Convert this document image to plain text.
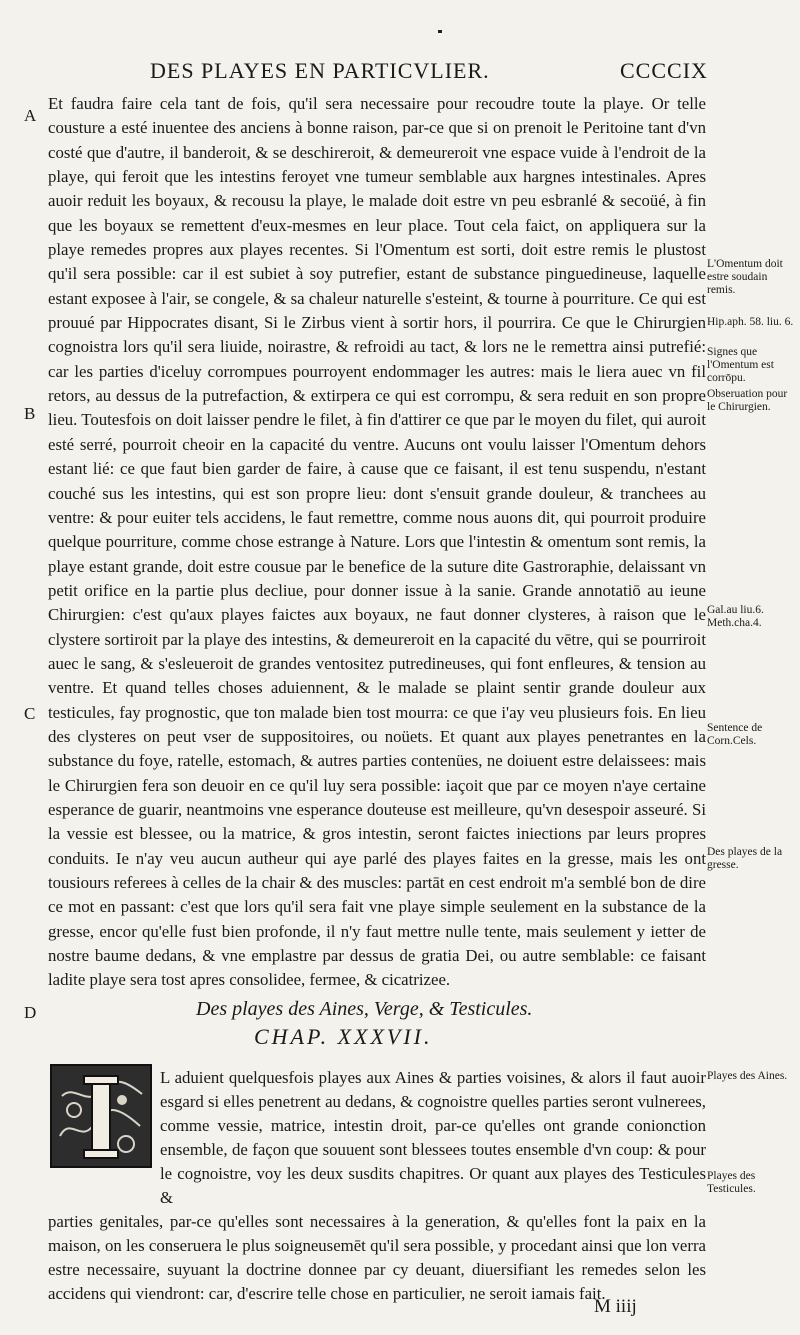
DES PLAYES EN PARTICVLIER.	CCCCIX
A
B
C
D

Et faudra faire cela tant de fois, qu'il sera necessaire pour recoudre toute la playe. Or telle cousture a esté inuentee des anciens à bonne raison, par-ce que si on prenoit le Peritoine tant d'vn costé que d'autre, il banderoit, & se deschireroit, & demeureroit vne espace vuide à l'endroit de la playe, qui feroit que les intestins feroyet vne tumeur semblable aux hargnes intestinales. Apres auoir reduit les boyaux, & recousu la playe, le malade doit estre vn peu esbranlé & secoüé, à fin que les boyaux se remettent d'eux-mesmes en leur place. Tout cela faict, on appliquera sur la playe remedes propres aux playes recentes. Si l'Omentum est sorti, doit estre remis le plustost qu'il sera possible: car il est subiet à soy putrefier, estant de substance pinguedineuse, laquelle estant exposee à l'air, se congele, & sa chaleur naturelle s'esteint, & tourne à pourriture. Ce qui est prouué par Hippocrates disant, Si le Zirbus vient à sortir hors, il pourrira. Ce que le Chirurgien cognoistra lors qu'il sera liuide, noirastre, & refroidi au tact, & lors ne le remettra ainsi putrefié: car les parties d'iceluy corrompues pourroyent endommager les autres: mais le liera auec vn fil retors, au dessus de la putrefaction, & extirpera ce qui est corrompu, & sera reduit en son propre lieu. Toutesfois on doit laisser pendre le filet, à fin d'attirer ce que par le moyen du filet, qui auroit esté serré, pourroit cheoir en la capacité du ventre. Aucuns ont voulu laisser l'Omentum dehors estant lié: ce que faut bien garder de faire, à cause que ce faisant, il est tenu suspendu, n'estant couché sus les intestins, qui est son propre lieu: dont s'ensuit grande douleur, & tranchees au ventre: & pour euiter tels accidens, le faut remettre, comme nous auons dit, qui pourroit produire quelque pourriture, comme chose estrange à Nature. Lors que l'intestin & omentum sont remis, la playe estant grande, doit estre cousue par le benefice de la suture dite Gastroraphie, delaissant vn petit orifice en la partie plus decliue, pour donner issue à la sanie. Grande annotatiō au ieune Chirurgien: c'est qu'aux playes faictes aux boyaux, ne faut donner clysteres, à raison que le clystere sortiroit par la playe des intestins, & demeureroit en la capacité du vētre, qui se pourriroit auec le sang, & s'esleueroit de grandes ventositez putredineuses, qui font enfleures, & tension au ventre. Et quand telles choses aduiennent, & le malade se plaint sentir grande douleur aux testicules, fay prognostic, que ton malade bien tost mourra: ce que i'ay veu plusieurs fois. En lieu des clysteres on peut vser de suppositoires, ou noüets. Et quant aux playes penetrantes en la substance du foye, ratelle, estomach, & autres parties contenües, ne doiuent estre delaissees: mais le Chirurgien fera son deuoir en ce qu'il luy sera possible: iaçoit que par ce moyen n'aye certaine esperance de guarir, neantmoins vne esperance douteuse est meilleure, qu'vn desespoir asseuré. Si la vessie est blessee, ou la matrice, & gros intestin, seront faictes iniections par leurs propres conduits. Ie n'ay veu aucun autheur qui aye parlé des playes faites en la gresse, mais les ont tousiours referees à celles de la chair & des muscles: partāt en cest endroit m'a semblé bon de dire ce mot en passant: c'est que lors qu'il sera fait vne playe simple seulement en la substance de la gresse, encor qu'elle fust bien profonde, il n'y faut mettre nulle tente, mais seulement y ietter de nostre baume dedans, & vne emplastre par dessus de gratia Dei, ou autre semblable: ce faisant ladite playe sera tost apres consolidee, fermee, & cicatrizee.

L'Omentum doit estre soudain remis.
Hip.aph. 58. liu. 6.
Signes que l'Omentum est corrōpu.
Obseruation pour le Chirurgien.
Gal.au liu.6. Meth.cha.4.
Sentence de Corn.Cels.
Des playes de la gresse.
Playes des Aines.
Playes des Testicules.
Des playes des Aines, Verge, & Testicules.
CHAP. XXXVII.
L aduient quelquesfois playes aux Aines & parties voisines, & alors il faut auoir esgard si elles penetrent au dedans, & cognoistre quelles parties seront vulnerees, comme vessie, matrice, intestin droit, par-ce qu'elles ont grande conionction ensemble, de façon que souuent sont blessees toutes ensemble d'vn coup: & pour le cognoistre, voy les deux susdits chapitres. Or quant aux playes des Testicules &
parties genitales, par-ce qu'elles sont necessaires à la generation, & qu'elles font la paix en la maison, on les conseruera le plus soigneusemēt qu'il sera possible, y procedant ainsi que lon verra estre necessaire, suyuant la doctrine donnee par cy deuant, diuersifiant les remedes selon les accidens qui viendront: car, d'escrire telle chose en particulier, ne seroit iamais fait.
M iiij
